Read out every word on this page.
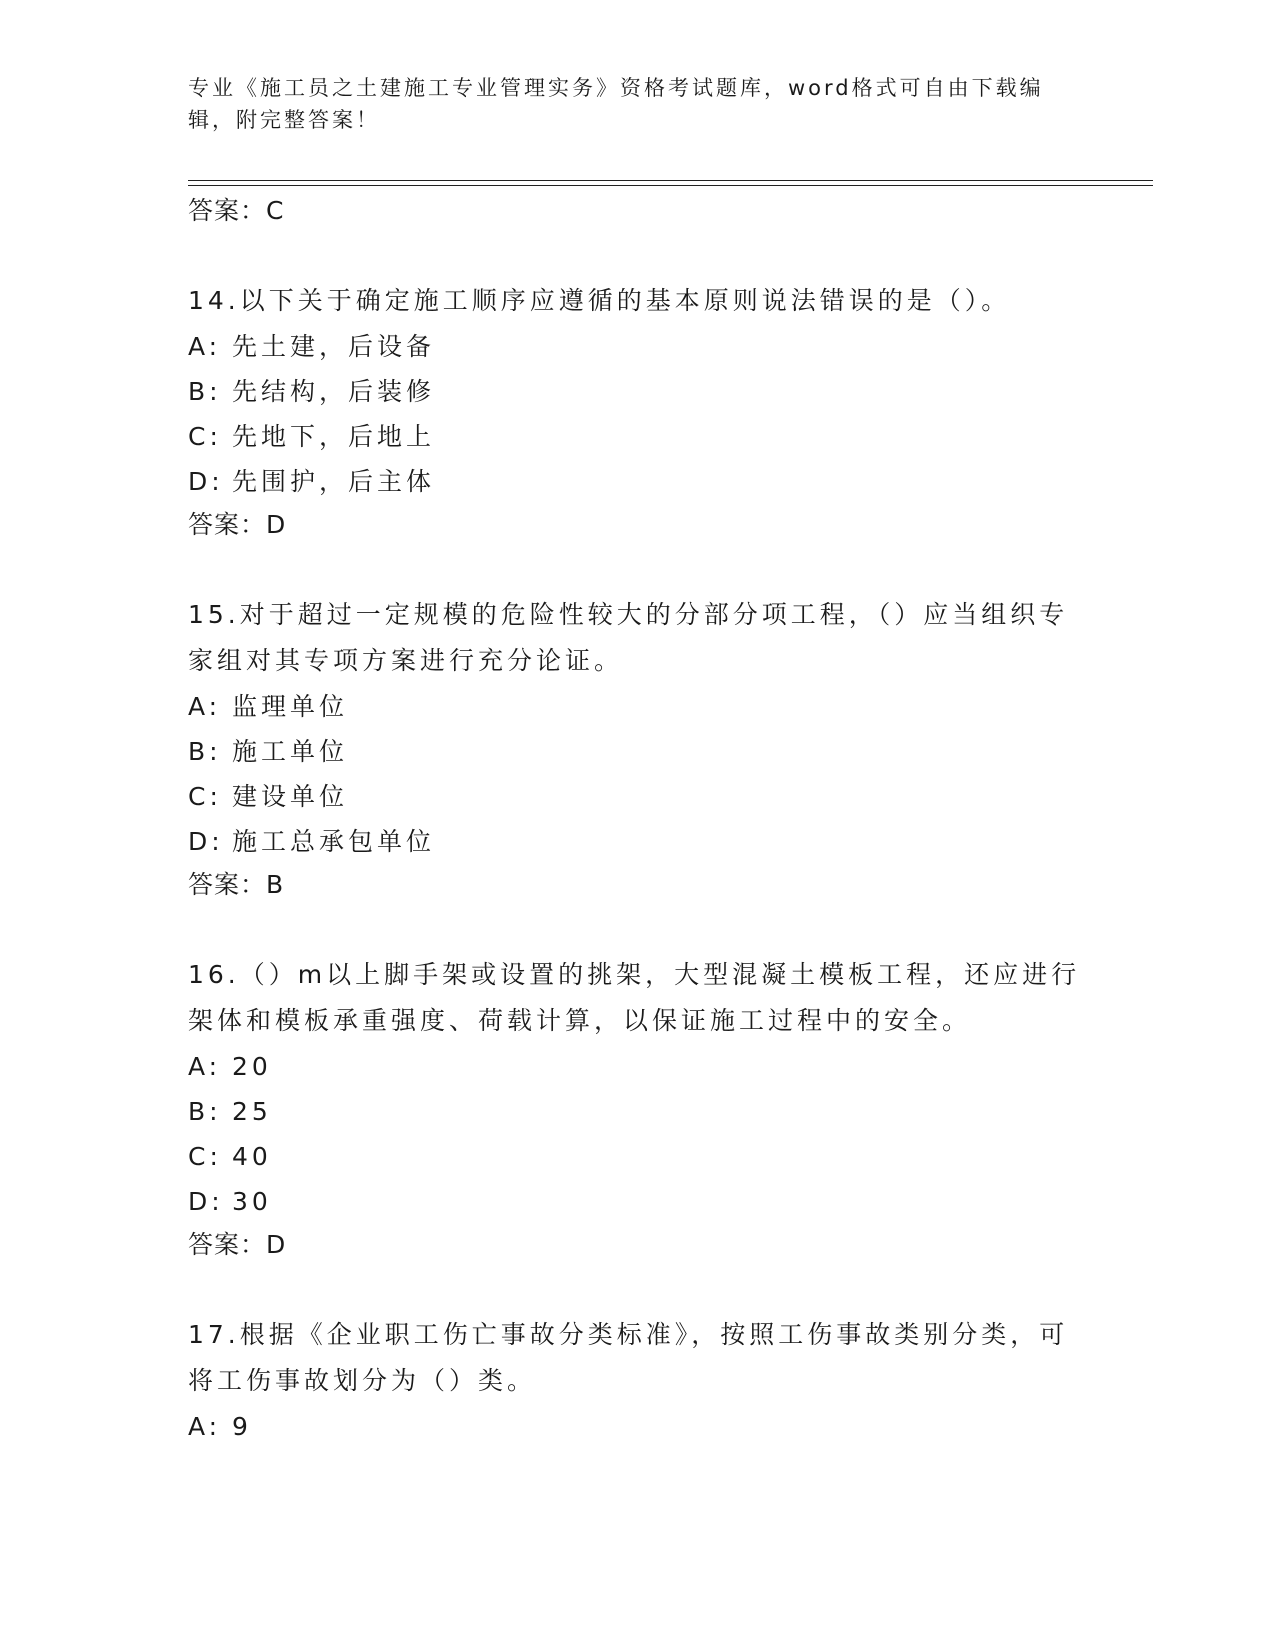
专业《施工员之土建施工专业管理实务》资格考试题库，word格式可自由下载编辑，附完整答案！

答案：C

14.以下关于确定施工顺序应遵循的基本原则说法错误的是（）。

A: 先土建，后设备

B: 先结构，后装修

C: 先地下，后地上

D: 先围护，后主体

答案：D

15.对于超过一定规模的危险性较大的分部分项工程，（）应当组织专家组对其专项方案进行充分论证。

A: 监理单位

B: 施工单位

C: 建设单位

D: 施工总承包单位

答案：B

16.（）m以上脚手架或设置的挑架，大型混凝土模板工程，还应进行架体和模板承重强度、荷载计算，以保证施工过程中的安全。

A: 20

B: 25

C: 40

D: 30

答案：D

17.根据《企业职工伤亡事故分类标准》，按照工伤事故类别分类，可将工伤事故划分为（）类。

A: 9
